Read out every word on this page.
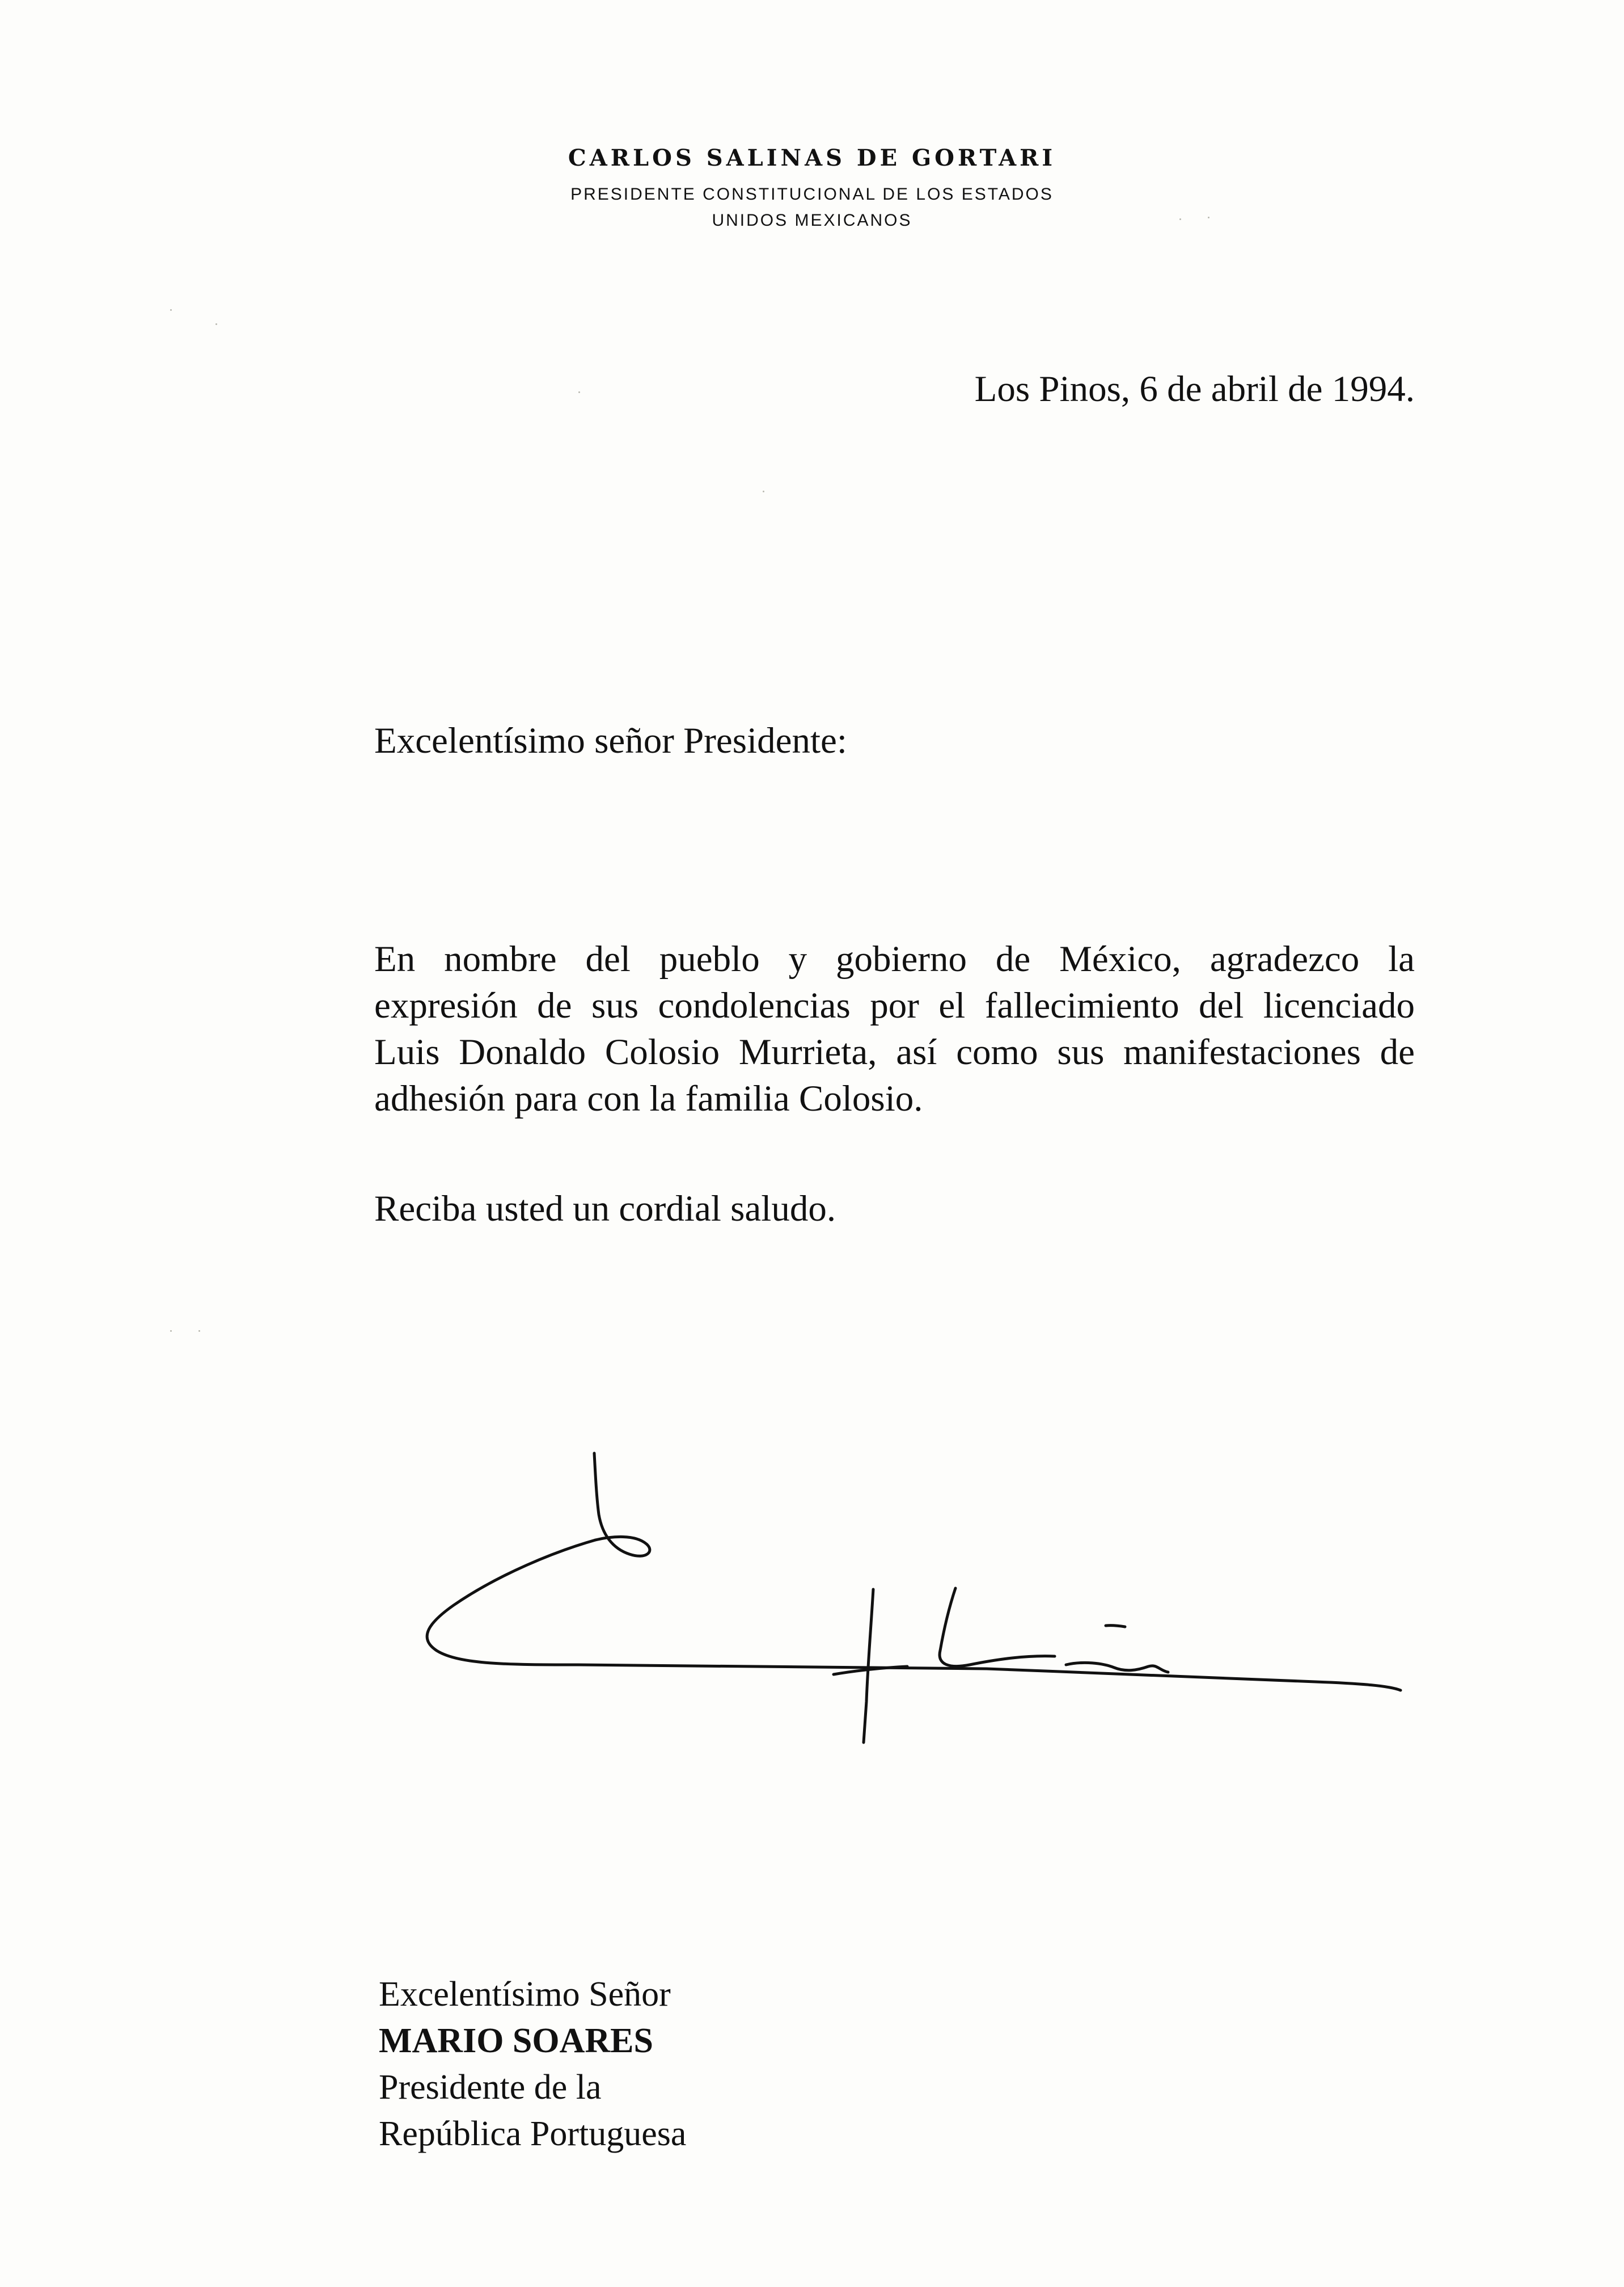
CARLOS SALINAS DE GORTARI
PRESIDENTE CONSTITUCIONAL DE LOS ESTADOS
UNIDOS MEXICANOS
Los Pinos, 6 de abril de 1994.
Excelentísimo señor Presidente:
En nombre del pueblo y gobierno de México, agradezco la
expresión de sus condolencias por el fallecimiento del licenciado
Luis Donaldo Colosio Murrieta, así como sus manifestaciones de
adhesión para con la familia Colosio.
Reciba usted un cordial saludo.
Excelentísimo Señor
MARIO SOARES
Presidente de la
República Portuguesa
